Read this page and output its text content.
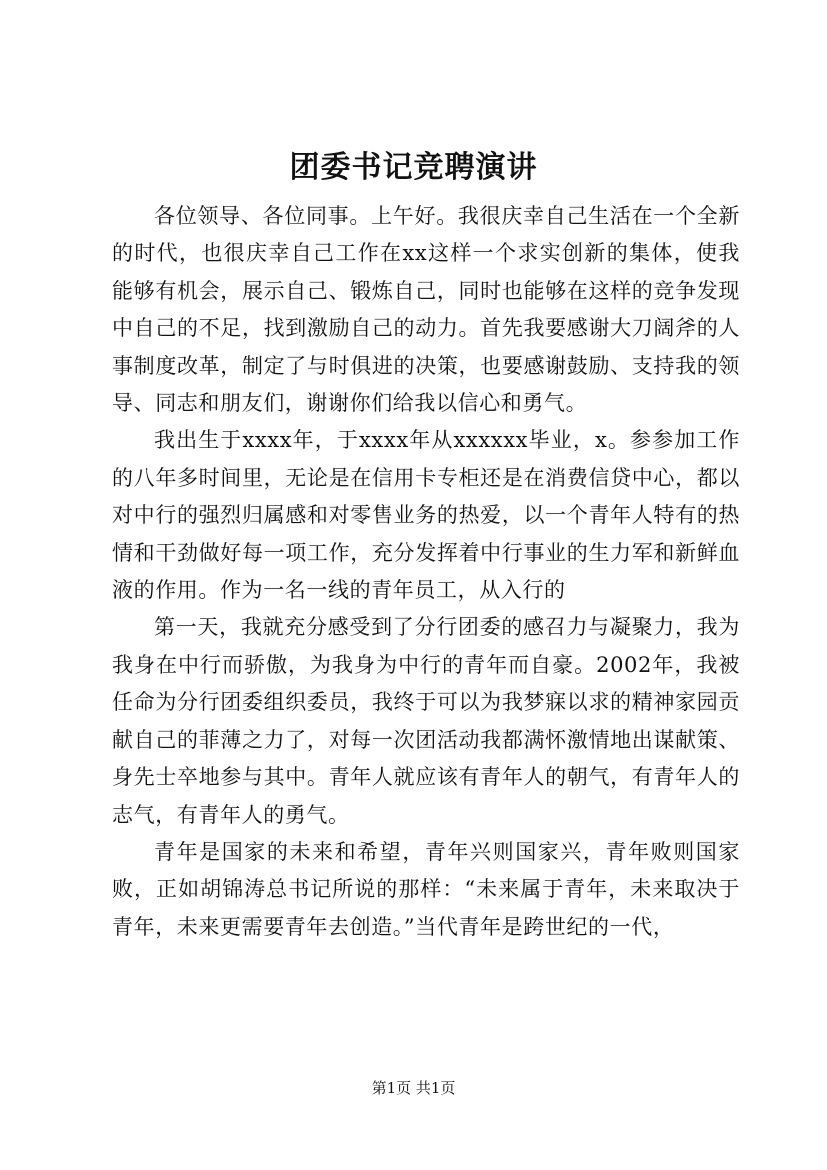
团委书记竞聘演讲

各位领导、各位同事。上午好。我很庆幸自己生活在一个全新的时代，也很庆幸自己工作在xx这样一个求实创新的集体，使我能够有机会，展示自己、锻炼自己，同时也能够在这样的竞争发现中自己的不足，找到激励自己的动力。首先我要感谢大刀阔斧的人事制度改革，制定了与时俱进的决策，也要感谢鼓励、支持我的领导、同志和朋友们，谢谢你们给我以信心和勇气。

我出生于xxxx年，于xxxx年从xxxxxx毕业，x。参参加工作的八年多时间里，无论是在信用卡专柜还是在消费信贷中心，都以对中行的强烈归属感和对零售业务的热爱，以一个青年人特有的热情和干劲做好每一项工作，充分发挥着中行事业的生力军和新鲜血液的作用。作为一名一线的青年员工，从入行的

第一天，我就充分感受到了分行团委的感召力与凝聚力，我为我身在中行而骄傲，为我身为中行的青年而自豪。2002年，我被任命为分行团委组织委员，我终于可以为我梦寐以求的精神家园贡献自己的菲薄之力了，对每一次团活动我都满怀激情地出谋献策、身先士卒地参与其中。青年人就应该有青年人的朝气，有青年人的志气，有青年人的勇气。

青年是国家的未来和希望，青年兴则国家兴，青年败则国家败，正如胡锦涛总书记所说的那样：“未来属于青年，未来取决于青年，未来更需要青年去创造。”当代青年是跨世纪的一代，

第1页 共1页
